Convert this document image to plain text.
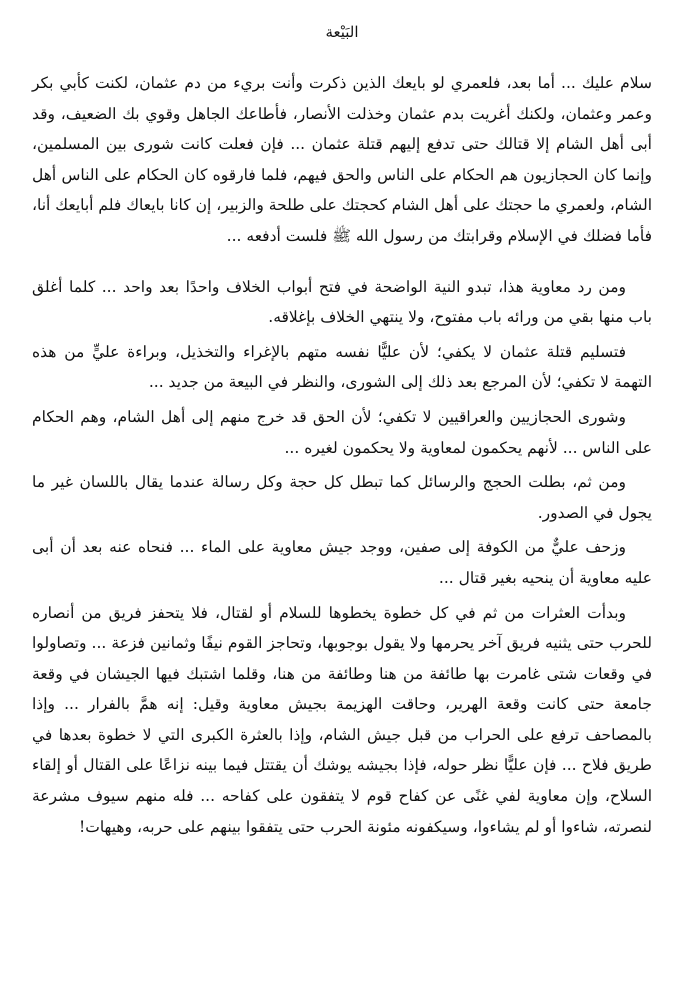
البَيْعة

سلام عليك ... أما بعد، فلعمري لو بايعك الذين ذكرت وأنت بريء من دم عثمان، لكنت كأبي بكر وعمر وعثمان، ولكنك أغريت بدم عثمان وخذلت الأنصار، فأطاعك الجاهل وقوي بك الضعيف، وقد أبى أهل الشام إلا قتالك حتى تدفع إليهم قتلة عثمان ... فإن فعلت كانت شورى بين المسلمين، وإنما كان الحجازيون هم الحكام على الناس والحق فيهم، فلما فارقوه كان الحكام على الناس أهل الشام، ولعمري ما حجتك على أهل الشام كحجتك على طلحة والزبير، إن كانا بايعاك فلم أبايعك أنا، فأما فضلك في الإسلام وقرابتك من رسول الله ﷺ فلست أدفعه ...

ومن رد معاوية هذا، تبدو النية الواضحة في فتح أبواب الخلاف واحدًا بعد واحد ... كلما أغلق باب منها بقي من ورائه باب مفتوح، ولا ينتهي الخلاف بإغلاقه.

فتسليم قتلة عثمان لا يكفي؛ لأن عليًّا نفسه متهم بالإغراء والتخذيل، وبراءة عليٍّ من هذه التهمة لا تكفي؛ لأن المرجع بعد ذلك إلى الشورى، والنظر في البيعة من جديد ...

وشورى الحجازيين والعراقيين لا تكفي؛ لأن الحق قد خرج منهم إلى أهل الشام، وهم الحكام على الناس ... لأنهم يحكمون لمعاوية ولا يحكمون لغيره ...

ومن ثم، بطلت الحجج والرسائل كما تبطل كل حجة وكل رسالة عندما يقال باللسان غير ما يجول في الصدور.

وزحف عليٌّ من الكوفة إلى صفين، ووجد جيش معاوية على الماء ... فنحاه عنه بعد أن أبى عليه معاوية أن ينحيه بغير قتال ...

وبدأت العثرات من ثم في كل خطوة يخطوها للسلام أو لقتال، فلا يتحفز فريق من أنصاره للحرب حتى يثنيه فريق آخر يحرمها ولا يقول بوجوبها، وتحاجز القوم نيفًا وثمانين فزعة ... وتصاولوا في وقعات شتى غامرت بها طائفة من هنا وطائفة من هنا، وقلما اشتبك فيها الجيشان في وقعة جامعة حتى كانت وقعة الهرير، وحاقت الهزيمة بجيش معاوية وقيل: إنه همَّ بالفرار ... وإذا بالمصاحف ترفع على الحراب من قبل جيش الشام، وإذا بالعثرة الكبرى التي لا خطوة بعدها في طريق فلاح ... فإن عليًّا نظر حوله، فإذا بجيشه يوشك أن يقتتل فيما بينه نزاعًا على القتال أو إلقاء السلاح، وإن معاوية لفي غنًى عن كفاح قوم لا يتفقون على كفاحه ... فله منهم سيوف مشرعة لنصرته، شاءوا أو لم يشاءوا، وسيكفونه مئونة الحرب حتى يتفقوا بينهم على حربه، وهيهات!
